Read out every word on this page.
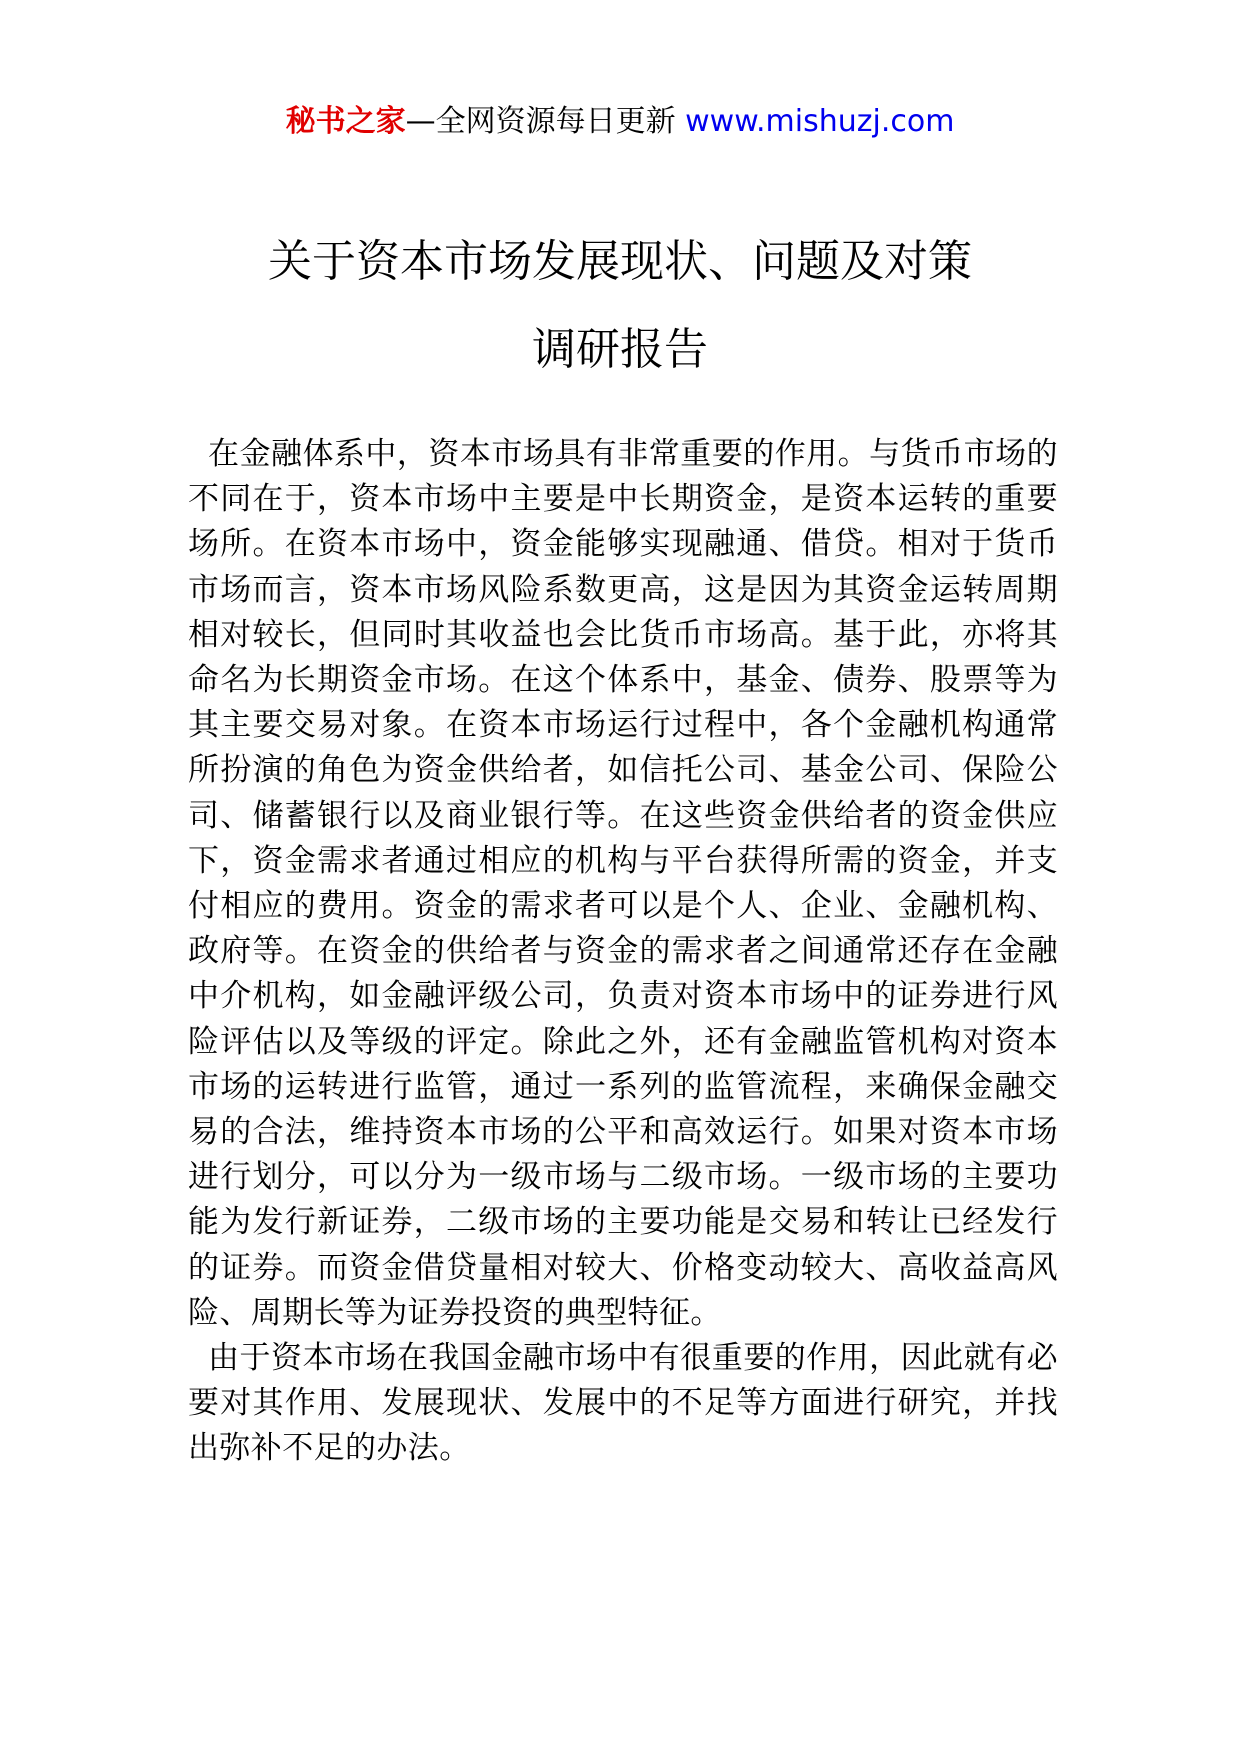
秘书之家—全网资源每日更新 www.mishuzj.com
关于资本市场发展现状、问题及对策
调研报告

在金融体系中，资本市场具有非常重要的作用。与货币市场的不同在于，资本市场中主要是中长期资金，是资本运转的重要场所。在资本市场中，资金能够实现融通、借贷。相对于货币市场而言，资本市场风险系数更高，这是因为其资金运转周期相对较长，但同时其收益也会比货币市场高。基于此，亦将其命名为长期资金市场。在这个体系中，基金、债券、股票等为其主要交易对象。在资本市场运行过程中，各个金融机构通常所扮演的角色为资金供给者，如信托公司、基金公司、保险公司、储蓄银行以及商业银行等。在这些资金供给者的资金供应下，资金需求者通过相应的机构与平台获得所需的资金，并支付相应的费用。资金的需求者可以是个人、企业、金融机构、政府等。在资金的供给者与资金的需求者之间通常还存在金融中介机构，如金融评级公司，负责对资本市场中的证券进行风险评估以及等级的评定。除此之外，还有金融监管机构对资本市场的运转进行监管，通过一系列的监管流程，来确保金融交易的合法，维持资本市场的公平和高效运行。如果对资本市场进行划分，可以分为一级市场与二级市场。一级市场的主要功能为发行新证券，二级市场的主要功能是交易和转让已经发行的证券。而资金借贷量相对较大、价格变动较大、高收益高风险、周期长等为证券投资的典型特征。

由于资本市场在我国金融市场中有很重要的作用，因此就有必要对其作用、发展现状、发展中的不足等方面进行研究，并找出弥补不足的办法。
